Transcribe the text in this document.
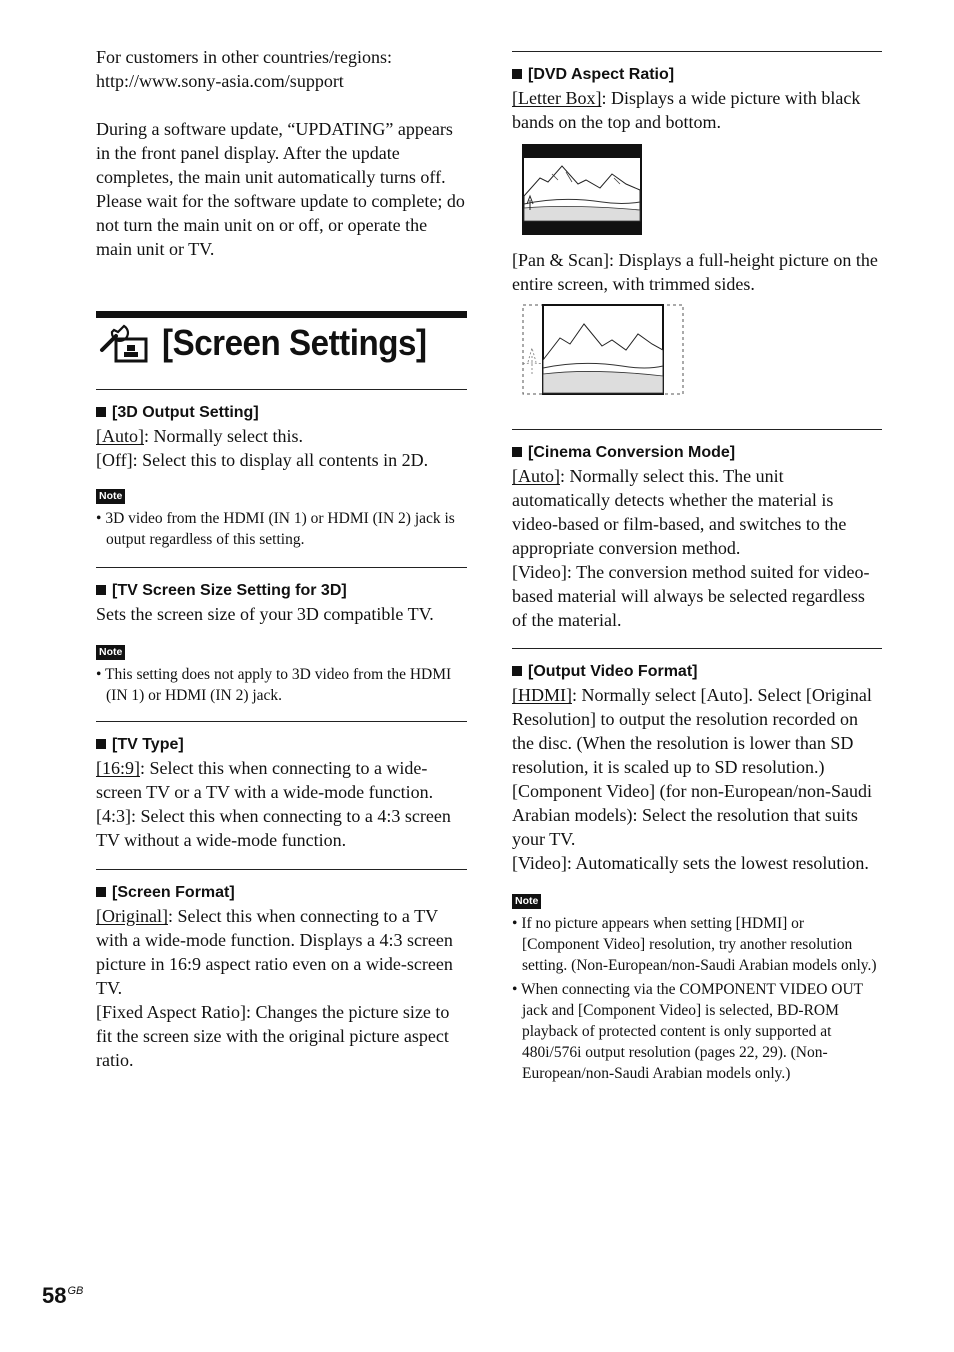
For customers in other countries/regions:

http://www.sony-asia.com/support

During a software update, “UPDATING” appears in the front panel display. After the update completes, the main unit automatically turns off. Please wait for the software update to complete; do not turn the main unit on or off, or operate the main unit or TV.

[3D Output Setting]

[Auto]: Normally select this.

[Off]: Select this to display all contents in 2D.

Note

• 3D video from the HDMI (IN 1) or HDMI (IN 2) jack is output regardless of this setting.

[TV Screen Size Setting for 3D]

Sets the screen size of your 3D compatible TV.

Note

• This setting does not apply to 3D video from the HDMI (IN 1) or HDMI (IN 2) jack.

[TV Type]

[16:9]: Select this when connecting to a wide-screen TV or a TV with a wide-mode function.

[4:3]: Select this when connecting to a 4:3 screen TV without a wide-mode function.

[Screen Format]

[Original]: Select this when connecting to a TV with a wide-mode function. Displays a 4:3 screen picture in 16:9 aspect ratio even on a wide-screen TV.

[Fixed Aspect Ratio]: Changes the picture size to fit the screen size with the original picture aspect ratio.

[Screen Settings]

[DVD Aspect Ratio]

[Letter Box]: Displays a wide picture with black bands on the top and bottom.

[Pan & Scan]: Displays a full-height picture on the entire screen, with trimmed sides.

[Cinema Conversion Mode]

[Auto]: Normally select this. The unit automatically detects whether the material is video-based or film-based, and switches to the appropriate conversion method.

[Video]: The conversion method suited for video-based material will always be selected regardless of the material.

[Output Video Format]

[HDMI]: Normally select [Auto]. Select [Original Resolution] to output the resolution recorded on the disc. (When the resolution is lower than SD resolution, it is scaled up to SD resolution.)

[Component Video] (for non-European/non-Saudi Arabian models): Select the resolution that suits your TV.

[Video]: Automatically sets the lowest resolution.

Note

• If no picture appears when setting [HDMI] or [Component Video] resolution, try another resolution setting. (Non-European/non-Saudi Arabian models only.)

• When connecting via the COMPONENT VIDEO OUT jack and [Component Video] is selected, BD-ROM playback of protected content is only supported at 480i/576i output resolution (pages 22, 29). (Non-European/non-Saudi Arabian models only.)

$58^{GB}$
